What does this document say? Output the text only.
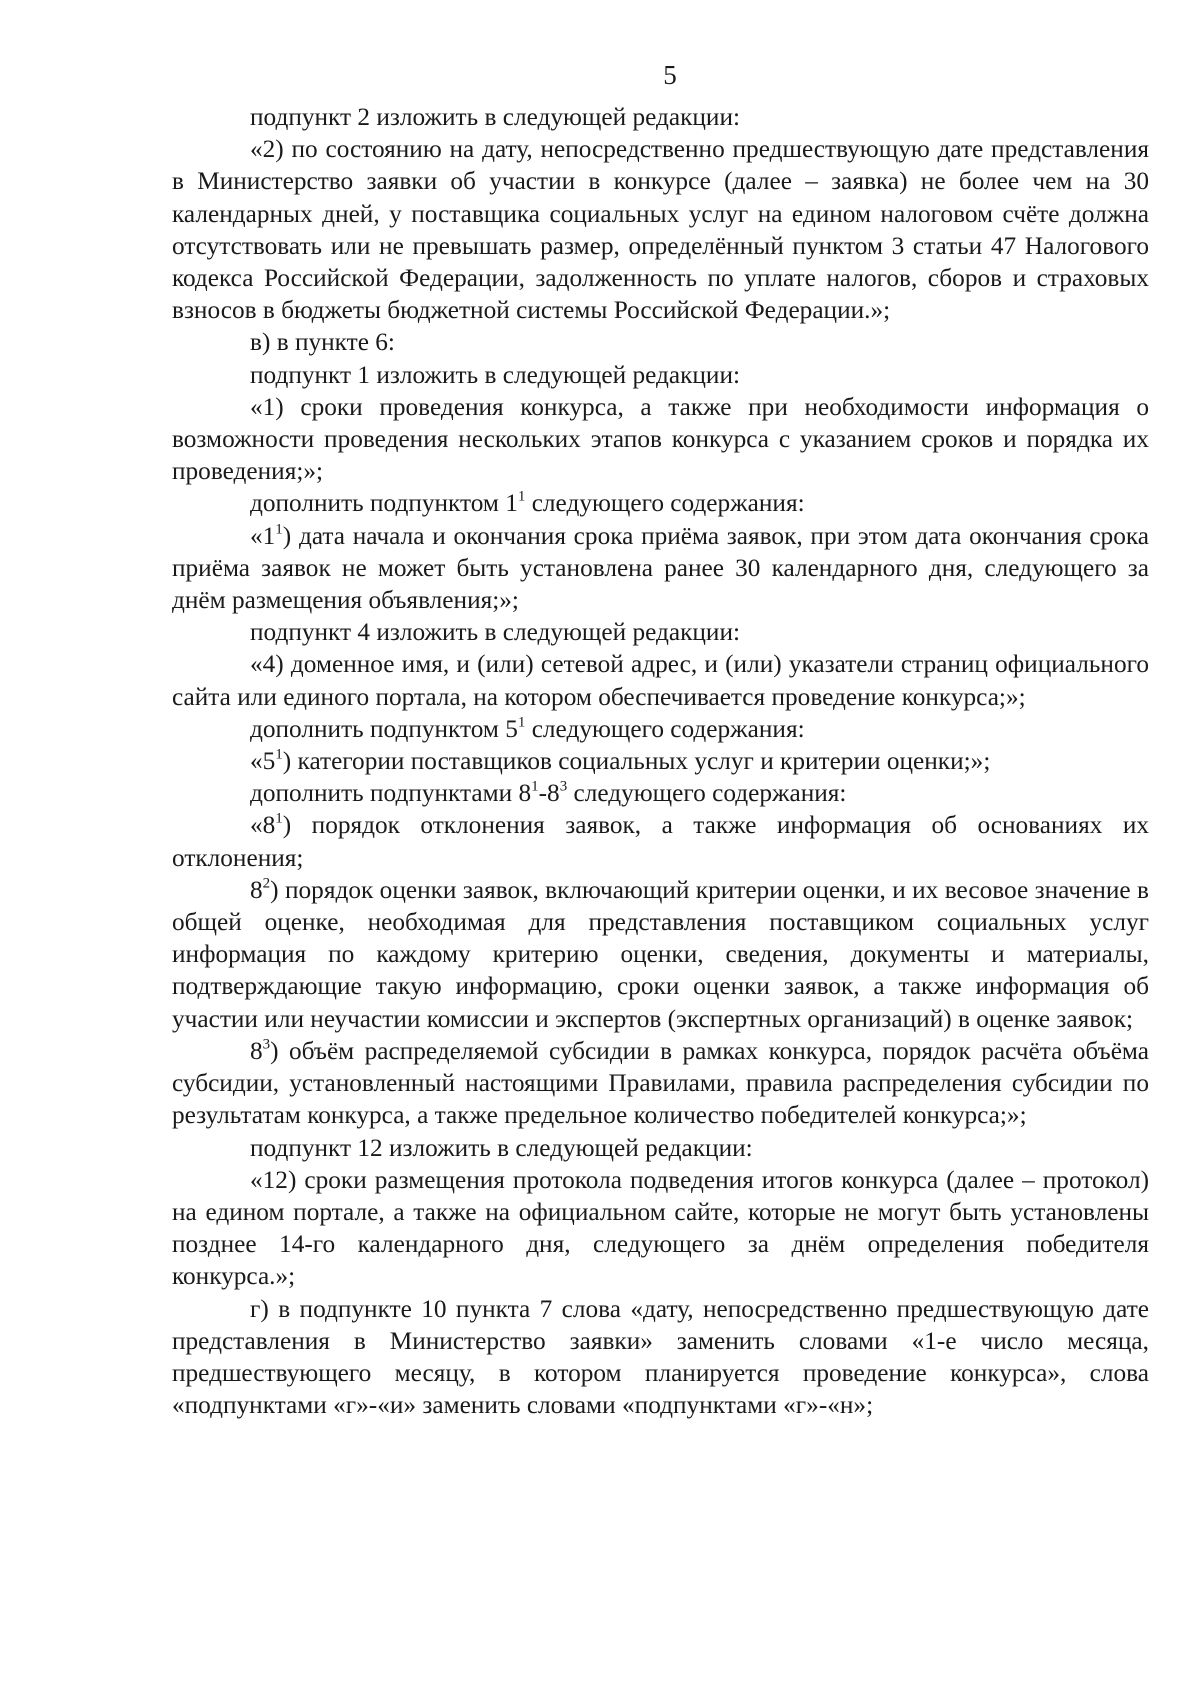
5

подпункт 2 изложить в следующей редакции:

«2) по состоянию на дату, непосредственно предшествующую дате представления в Министерство заявки об участии в конкурсе (далее – заявка) не более чем на 30 календарных дней, у поставщика социальных услуг на едином налоговом счёте должна отсутствовать или не превышать размер, определённый пунктом 3 статьи 47 Налогового кодекса Российской Федерации, задолженность по уплате налогов, сборов и страховых взносов в бюджеты бюджетной системы Российской Федерации.»;

в) в пункте 6:

подпункт 1 изложить в следующей редакции:

«1) сроки проведения конкурса, а также при необходимости информация о возможности проведения нескольких этапов конкурса с указанием сроков и порядка их проведения;»;

дополнить подпунктом $1^1$ следующего содержания:

«$1^1$) дата начала и окончания срока приёма заявок, при этом дата окончания срока приёма заявок не может быть установлена ранее 30 календарного дня, следующего за днём размещения объявления;»;

подпункт 4 изложить в следующей редакции:

«4) доменное имя, и (или) сетевой адрес, и (или) указатели страниц официального сайта или единого портала, на котором обеспечивается проведение конкурса;»;

дополнить подпунктом $5^1$ следующего содержания:

«$5^1$) категории поставщиков социальных услуг и критерии оценки;»;

дополнить подпунктами $8^1-8^3$ следующего содержания:

«$8^1$) порядок отклонения заявок, а также информация об основаниях их отклонения;

$8^2$) порядок оценки заявок, включающий критерии оценки, и их весовое значение в общей оценке, необходимая для представления поставщиком социальных услуг информация по каждому критерию оценки, сведения, документы и материалы, подтверждающие такую информацию, сроки оценки заявок, а также информация об участии или неучастии комиссии и экспертов (экспертных организаций) в оценке заявок;

$8^3$) объём распределяемой субсидии в рамках конкурса, порядок расчёта объёма субсидии, установленный настоящими Правилами, правила распределения субсидии по результатам конкурса, а также предельное количество победителей конкурса;»;

подпункт 12 изложить в следующей редакции:

«12) сроки размещения протокола подведения итогов конкурса (далее – протокол) на едином портале, а также на официальном сайте, которые не могут быть установлены позднее 14-го календарного дня, следующего за днём определения победителя конкурса.»;

г) в подпункте 10 пункта 7 слова «дату, непосредственно предшествующую дате представления в Министерство заявки» заменить словами «1-е число месяца, предшествующего месяцу, в котором планируется проведение конкурса», слова «подпунктами «г»-«и» заменить словами «подпунктами «г»-«н»;
